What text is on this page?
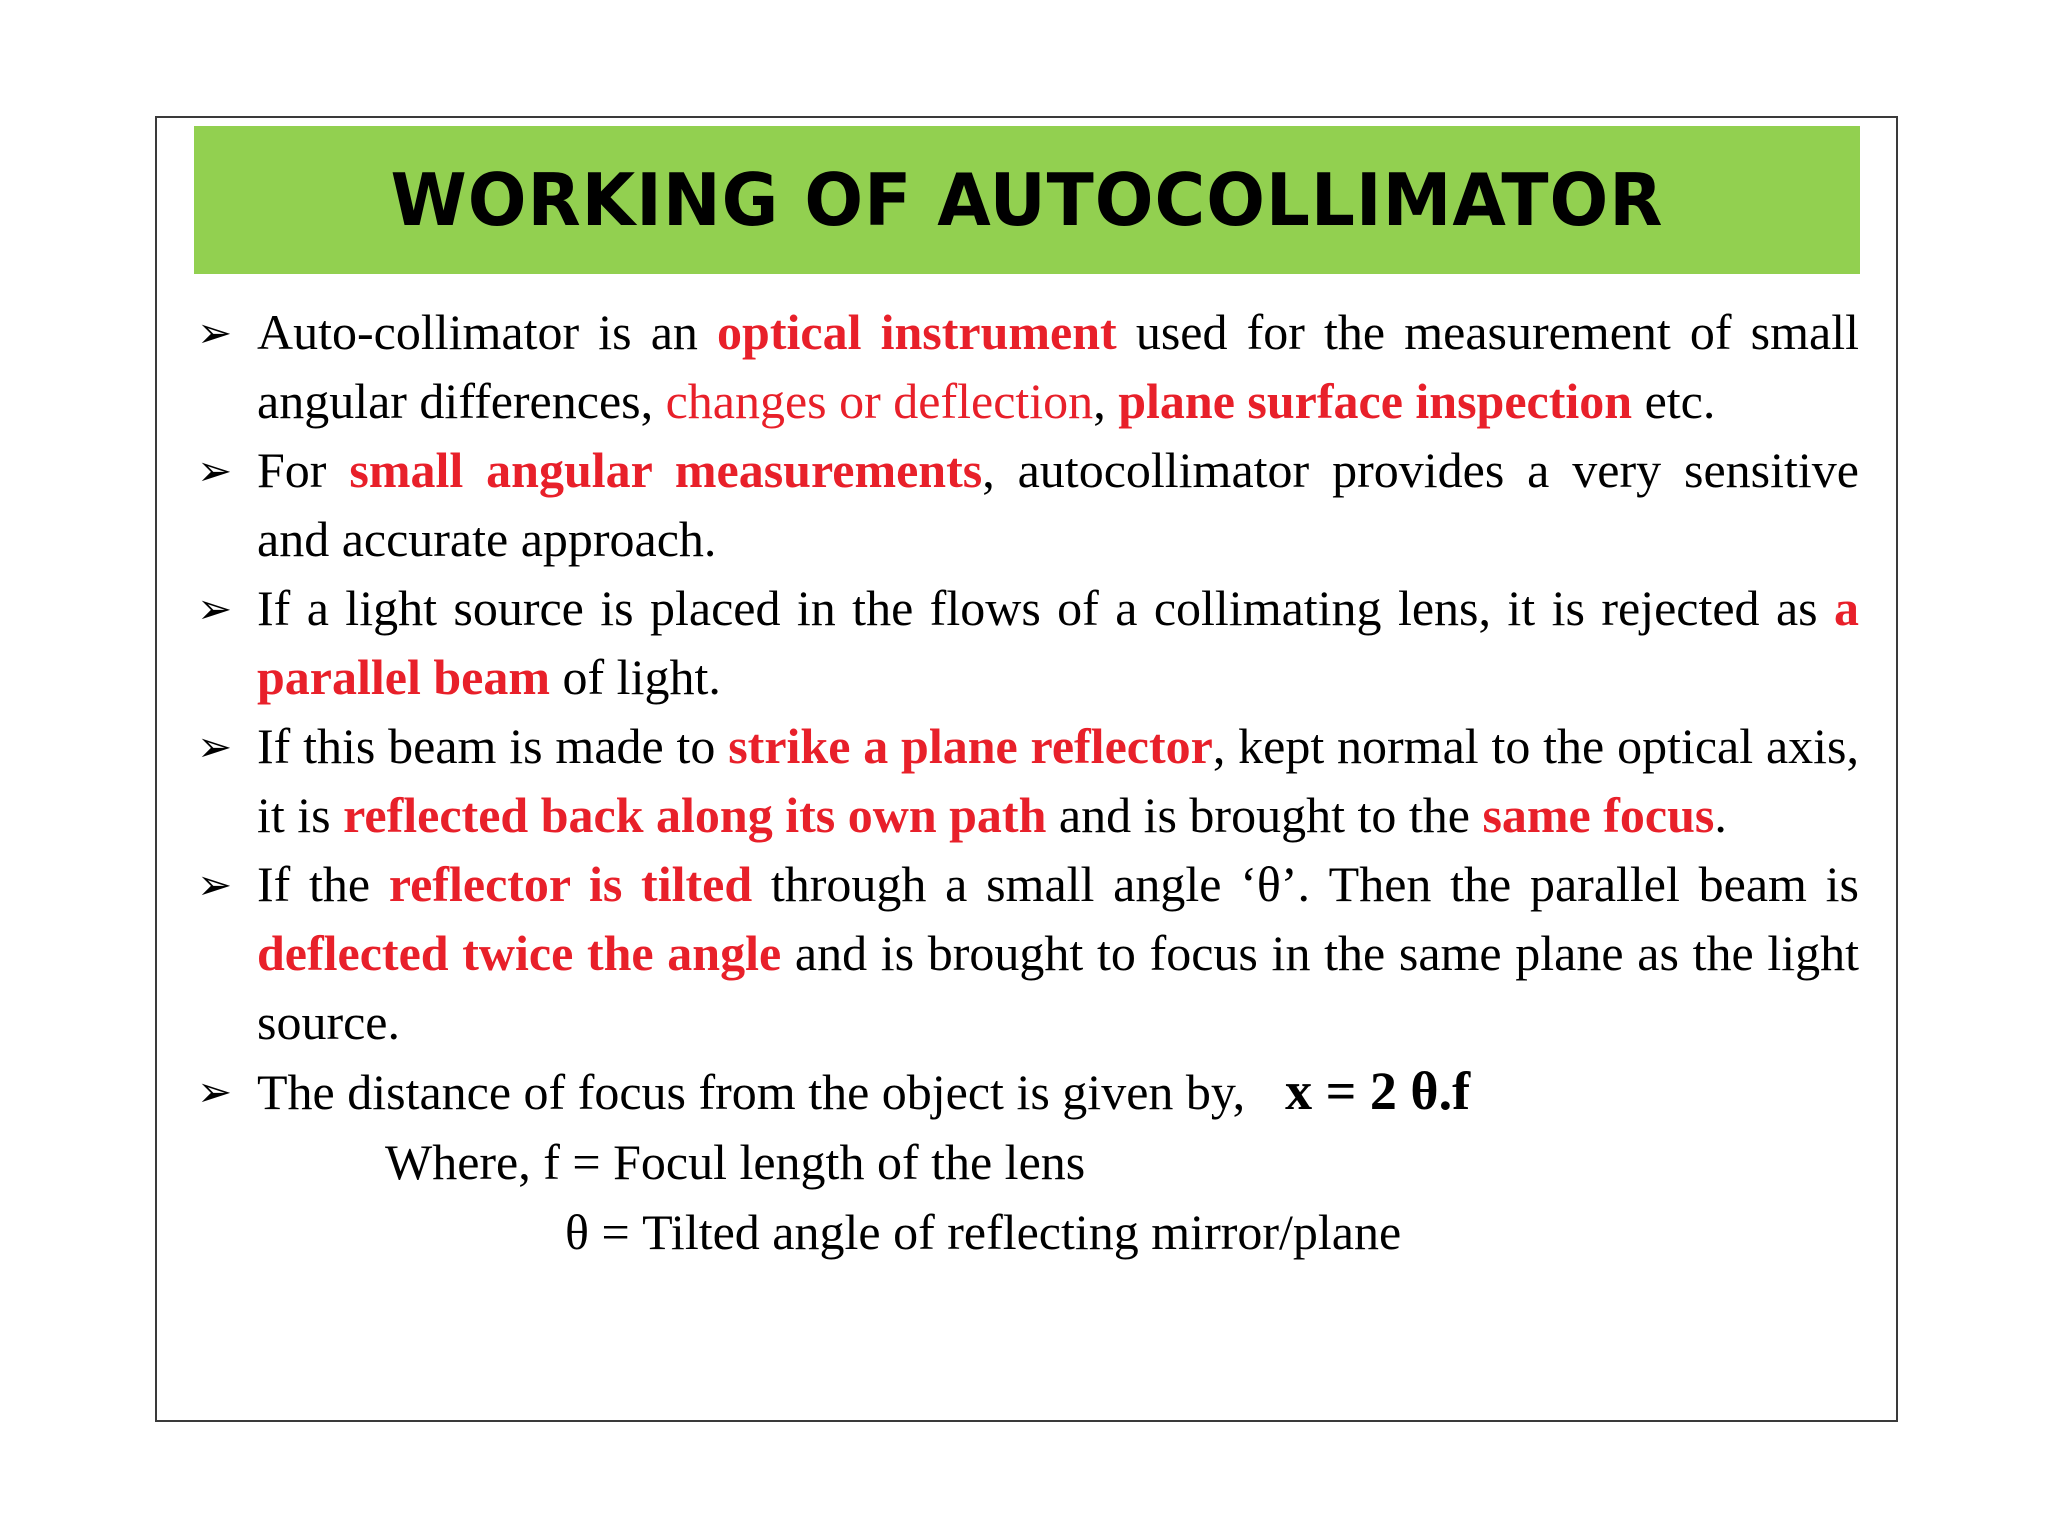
WORKING OF AUTOCOLLIMATOR

➢ Auto-collimator is an optical instrument used for the measurement of small angular differences, changes or deflection, plane surface inspection etc.

➢ For small angular measurements, autocollimator provides a very sensitive and accurate approach.

➢ If a light source is placed in the flows of a collimating lens, it is rejected as a parallel beam of light.

➢ If this beam is made to strike a plane reflector, kept normal to the optical axis, it is reflected back along its own path and is brought to the same focus.

➢ If the reflector is tilted through a small angle ‘θ’. Then the parallel beam is deflected twice the angle and is brought to focus in the same plane as the light source.

➢ The distance of focus from the object is given by, x = 2 θ.f

Where, f = Focul length of the lens

θ = Tilted angle of reflecting mirror/plane
